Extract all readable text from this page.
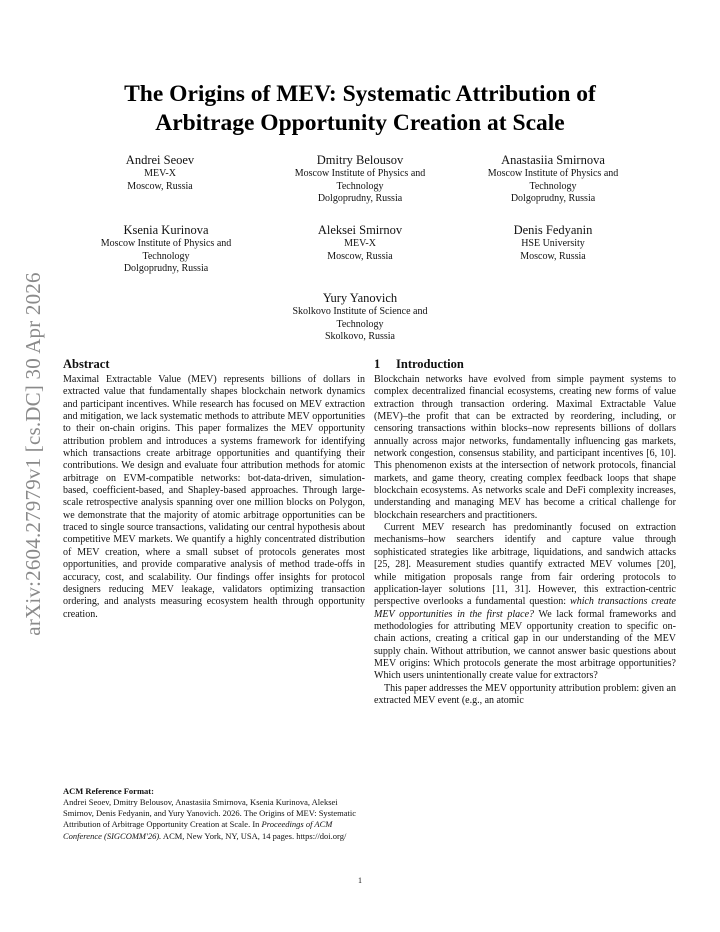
arXiv:2604.27979v1 [cs.DC] 30 Apr 2026
The Origins of MEV: Systematic Attribution of Arbitrage Opportunity Creation at Scale
Andrei Seoev
MEV-X
Moscow, Russia
Dmitry Belousov
Moscow Institute of Physics and
Technology
Dolgoprudny, Russia
Anastasiia Smirnova
Moscow Institute of Physics and
Technology
Dolgoprudny, Russia
Ksenia Kurinova
Moscow Institute of Physics and
Technology
Dolgoprudny, Russia
Aleksei Smirnov
MEV-X
Moscow, Russia
Denis Fedyanin
HSE University
Moscow, Russia
Yury Yanovich
Skolkovo Institute of Science and
Technology
Skolkovo, Russia
Abstract

Maximal Extractable Value (MEV) represents billions of dollars in extracted value that fundamentally shapes blockchain network dynamics and participant incentives. While research has focused on MEV extraction and mitigation, we lack systematic methods to attribute MEV opportunities to their on-chain origins. This paper formalizes the MEV opportunity attribution problem and introduces a systems framework for identifying which transactions create arbitrage opportunities and quantifying their contributions. We design and evaluate four attribution methods for atomic arbitrage on EVM-compatible networks: bot-data-driven, simulation-based, coefficient-based, and Shapley-based approaches. Through large-scale retrospective analysis spanning over one million blocks on Polygon, we demonstrate that the majority of atomic arbitrage opportunities can be traced to single source transactions, validating our central hypothesis about competitive MEV markets. We quantify a highly concentrated distribution of MEV creation, where a small subset of protocols generates most opportunities, and provide comparative analysis of method trade-offs in accuracy, cost, and scalability. Our findings offer insights for protocol designers reducing MEV leakage, validators optimizing transaction ordering, and analysts measuring ecosystem health through opportunity creation.

ACM Reference Format:

Andrei Seoev, Dmitry Belousov, Anastasiia Smirnova, Ksenia Kurinova, Aleksei Smirnov, Denis Fedyanin, and Yury Yanovich. 2026. The Origins of MEV: Systematic Attribution of Arbitrage Opportunity Creation at Scale. In Proceedings of ACM Conference (SIGCOMM'26). ACM, New York, NY, USA, 14 pages. https://doi.org/

1 Introduction

Blockchain networks have evolved from simple payment systems to complex decentralized financial ecosystems, creating new forms of value extraction through transaction ordering. Maximal Extractable Value (MEV)–the profit that can be extracted by reordering, including, or censoring transactions within blocks–now represents billions of dollars annually across major networks, fundamentally influencing gas markets, network congestion, consensus stability, and participant incentives [6, 10]. This phenomenon exists at the intersection of network protocols, financial markets, and game theory, creating complex feedback loops that shape blockchain ecosystems. As networks scale and DeFi complexity increases, understanding and managing MEV has become a critical challenge for blockchain researchers and practitioners.

Current MEV research has predominantly focused on extraction mechanisms–how searchers identify and capture value through sophisticated strategies like arbitrage, liquidations, and sandwich attacks [25, 28]. Measurement studies quantify extracted MEV volumes [20], while mitigation proposals range from fair ordering protocols to application-layer solutions [11, 31]. However, this extraction-centric perspective overlooks a fundamental question: which transactions create MEV opportunities in the first place? We lack formal frameworks and methodologies for attributing MEV opportunity creation to specific on-chain actions, creating a critical gap in our understanding of the MEV supply chain. Without attribution, we cannot answer basic questions about MEV origins: Which protocols generate the most arbitrage opportunities? Which users unintentionally create value for extractors?

This paper addresses the MEV opportunity attribution problem: given an extracted MEV event (e.g., an atomic

1
